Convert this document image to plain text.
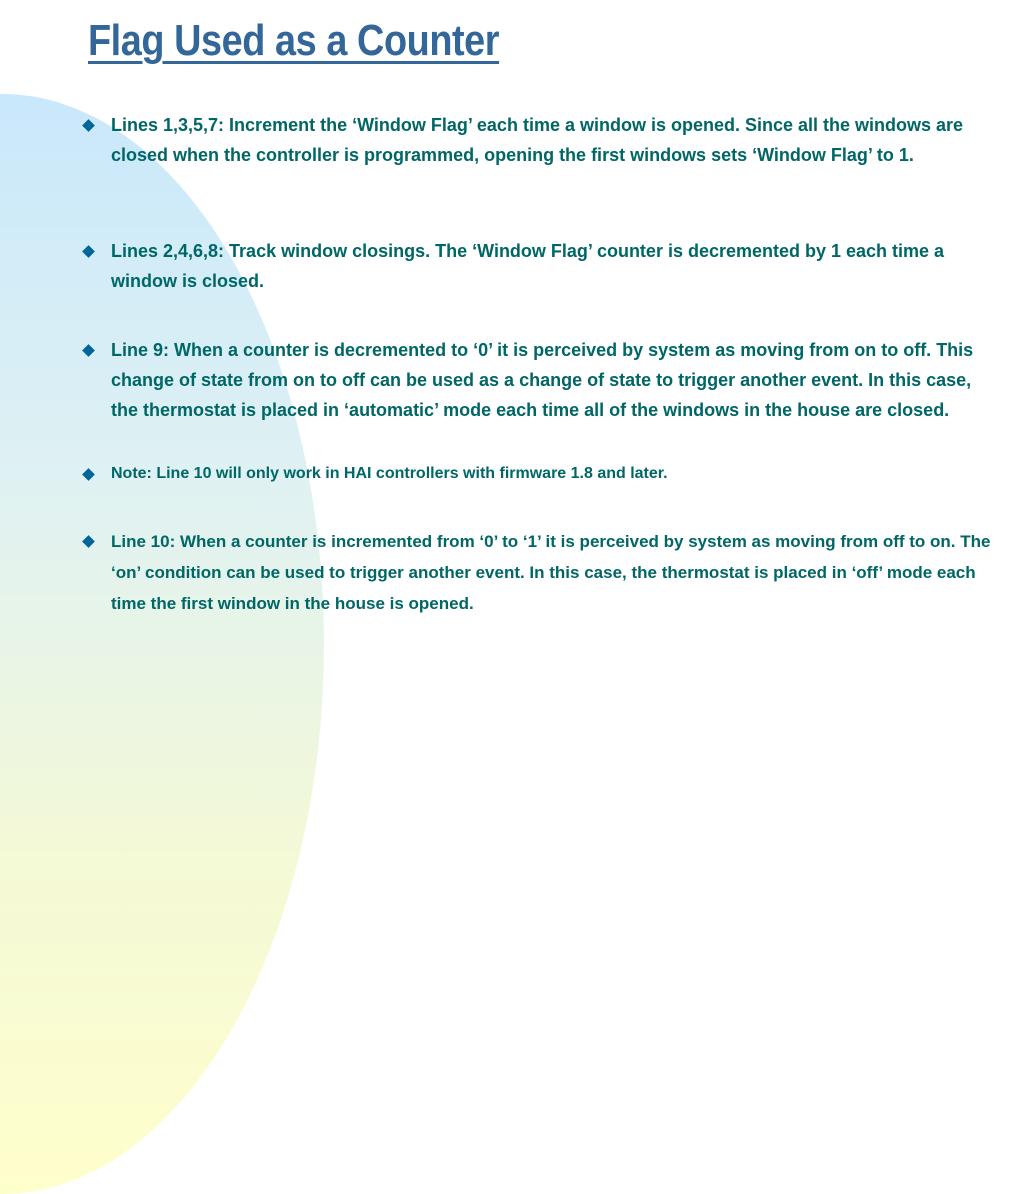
Flag Used as a Counter

Lines 1,3,5,7: Increment the ‘Window Flag’ each time a window is opened. Since all the windows are closed when the controller is programmed, opening the first windows sets ‘Window Flag’ to 1.

Lines 2,4,6,8: Track window closings. The ‘Window Flag’ counter is decremented by 1 each time a window is closed.

Line 9: When a counter is decremented to ‘0’ it is perceived by system as moving from on to off. This change of state from on to off can be used as a change of state to trigger another event. In this case, the thermostat is placed in ‘automatic’ mode each time all of the windows in the house are closed.

Note: Line 10 will only work in HAI controllers with firmware 1.8 and later.

Line 10: When a counter is incremented from ‘0’ to ‘1’ it is perceived by system as moving from off to on. The ‘on’ condition can be used to trigger another event. In this case, the thermostat is placed in ‘off’ mode each time the first window in the house is opened.
